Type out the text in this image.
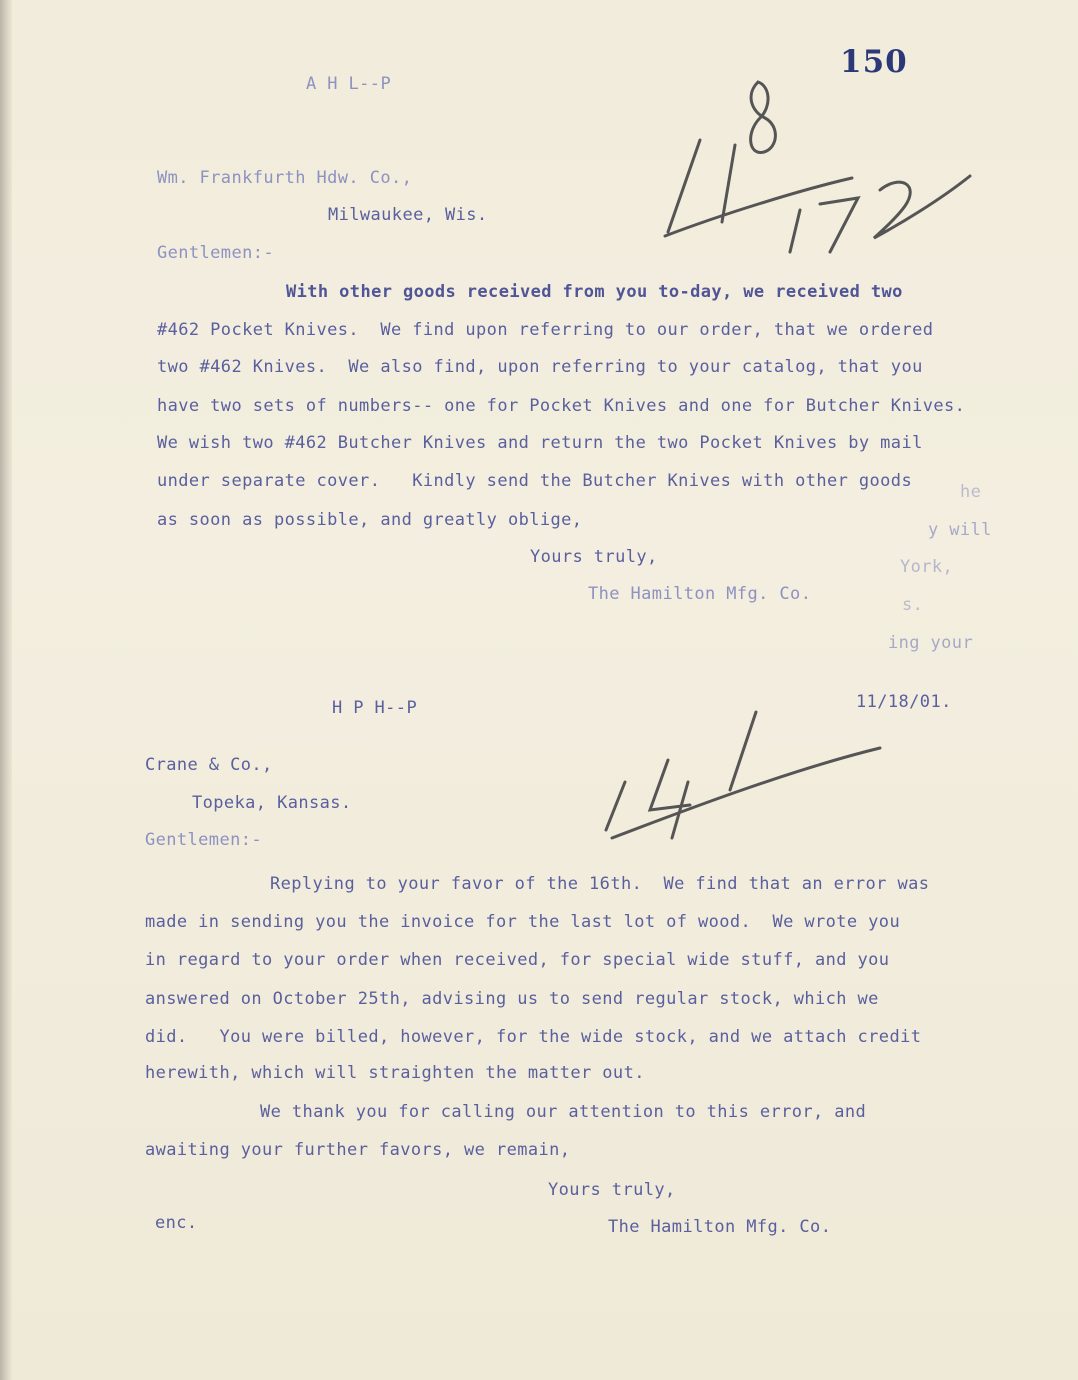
150
A H L--P
Wm. Frankfurth Hdw. Co.,
Milwaukee, Wis.
Gentlemen:-
With other goods received from you to-day, we received two
#462 Pocket Knives.  We find upon referring to our order, that we ordered
two #462 Knives.  We also find, upon referring to your catalog, that you
have two sets of numbers-- one for Pocket Knives and one for Butcher Knives.
We wish two #462 Butcher Knives and return the two Pocket Knives by mail
under separate cover.   Kindly send the Butcher Knives with other goods
as soon as possible, and greatly oblige,
Yours truly,
The Hamilton Mfg. Co.
he
y will
York,
s.
ing your
H P H--P	11/18/01.
Crane & Co.,
Topeka, Kansas.
Gentlemen:-
Replying to your favor of the 16th.  We find that an error was
made in sending you the invoice for the last lot of wood.  We wrote you
in regard to your order when received, for special wide stuff, and you
answered on October 25th, advising us to send regular stock, which we
did.   You were billed, however, for the wide stock, and we attach credit
herewith, which will straighten the matter out.
We thank you for calling our attention to this error, and
awaiting your further favors, we remain,
Yours truly,
enc.	The Hamilton Mfg. Co.
